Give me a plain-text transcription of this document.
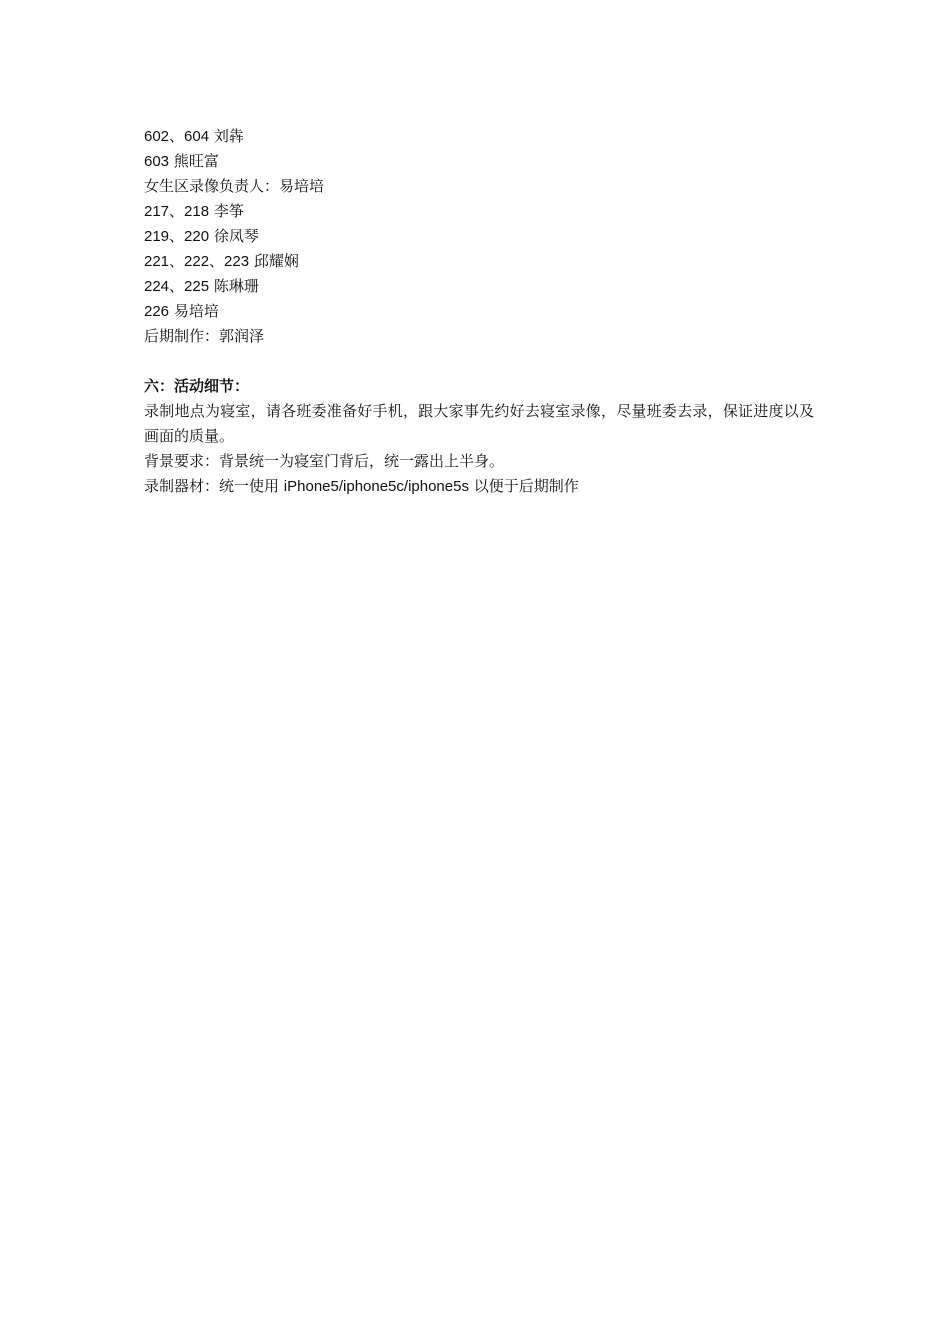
602、604 刘犇
603 熊旺富
女生区录像负责人：易培培
217、218 李筝
219、220 徐凤琴
221、222、223 邱耀娴
224、225 陈琳珊
226 易培培
后期制作：郭润泽
六：活动细节：
录制地点为寝室，请各班委准备好手机，跟大家事先约好去寝室录像，尽量班委去录，保证进度以及画面的质量。
背景要求：背景统一为寝室门背后，统一露出上半身。
录制器材：统一使用 iPhone5/iphone5c/iphone5s 以便于后期制作
